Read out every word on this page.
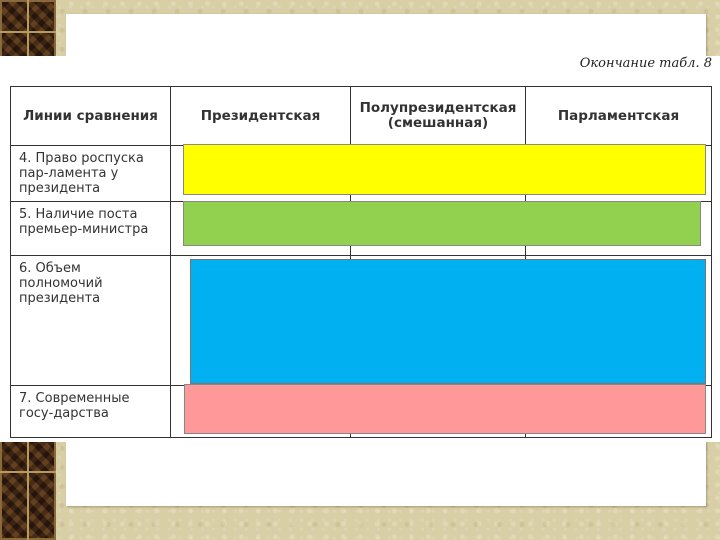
Окончание табл. 8
Линии сравнения	Президентская	Полупрезидентская (смешанная)	Парламентская
4. Право роспуска пар-ламента у президента			
5. Наличие поста премьер-министра			
6. Объем полномочий президента			
7. Современные госу-дарства			
